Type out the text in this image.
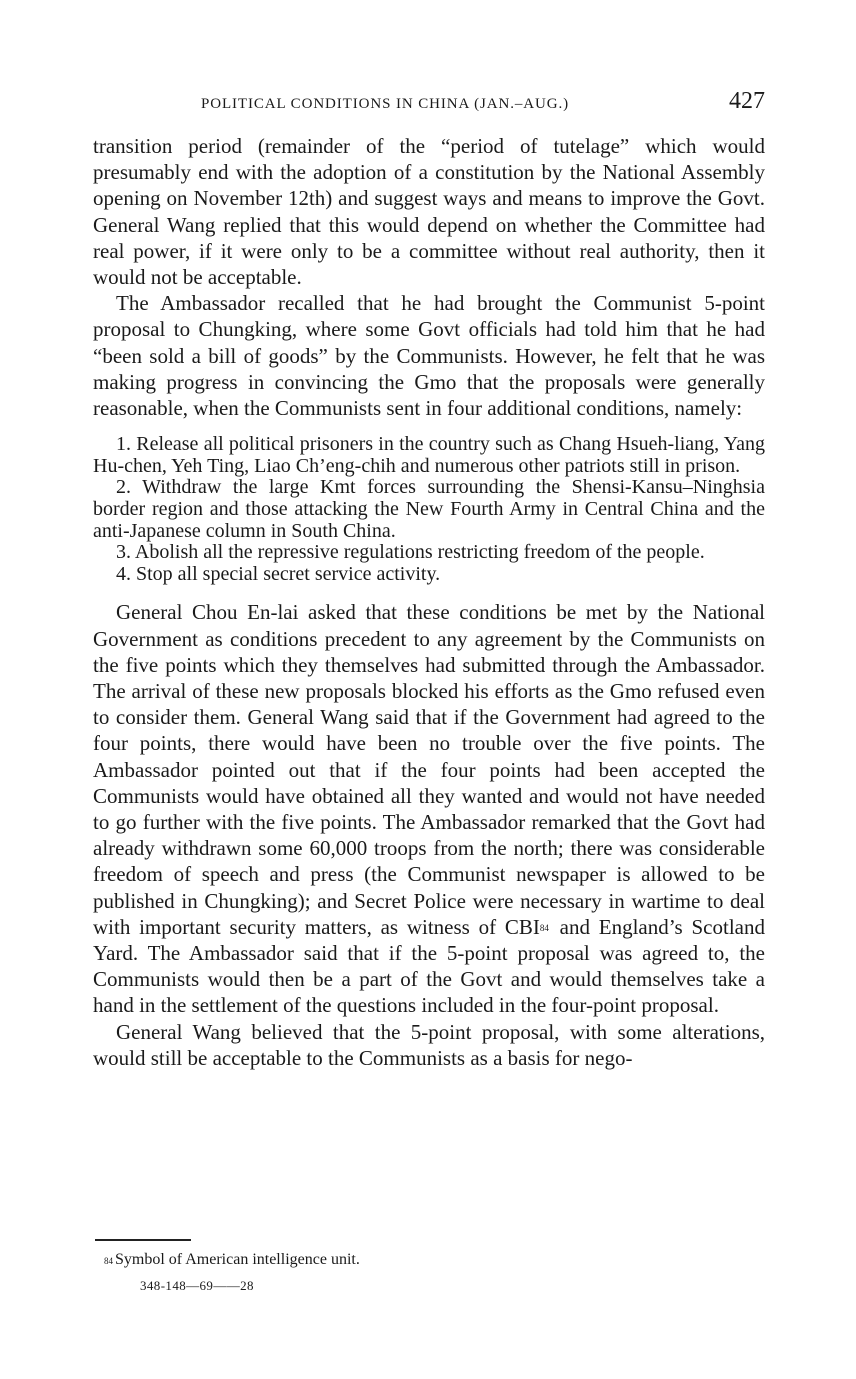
POLITICAL CONDITIONS IN CHINA (JAN.–AUG.)	427

transition period (remainder of the “period of tutelage” which would presumably end with the adoption of a constitution by the National Assembly opening on November 12th) and suggest ways and means to improve the Govt. General Wang replied that this would depend on whether the Committee had real power, if it were only to be a committee without real authority, then it would not be acceptable.

The Ambassador recalled that he had brought the Communist 5-point proposal to Chungking, where some Govt officials had told him that he had “been sold a bill of goods” by the Communists. However, he felt that he was making progress in convincing the Gmo that the proposals were generally reasonable, when the Communists sent in four additional conditions, namely:

1. Release all political prisoners in the country such as Chang Hsueh-liang, Yang Hu-chen, Yeh Ting, Liao Ch’eng-chih and numerous other patriots still in prison.
2. Withdraw the large Kmt forces surrounding the Shensi-Kansu–Ninghsia border region and those attacking the New Fourth Army in Central China and the anti-Japanese column in South China.
3. Abolish all the repressive regulations restricting freedom of the people.
4. Stop all special secret service activity.

General Chou En-lai asked that these conditions be met by the National Government as conditions precedent to any agreement by the Communists on the five points which they themselves had submitted through the Ambassador. The arrival of these new proposals blocked his efforts as the Gmo refused even to consider them. General Wang said that if the Government had agreed to the four points, there would have been no trouble over the five points. The Ambassador pointed out that if the four points had been accepted the Communists would have obtained all they wanted and would not have needed to go further with the five points. The Ambassador remarked that the Govt had already withdrawn some 60,000 troops from the north; there was considerable freedom of speech and press (the Communist newspaper is allowed to be published in Chungking); and Secret Police were necessary in wartime to deal with important security matters, as witness of CBI$^{84}$ and England’s Scotland Yard. The Ambassador said that if the 5-point proposal was agreed to, the Communists would then be a part of the Govt and would themselves take a hand in the settlement of the questions included in the four-point proposal.

General Wang believed that the 5-point proposal, with some alterations, would still be acceptable to the Communists as a basis for nego-

$^{84}$ Symbol of American intelligence unit.
348-148—69——28
